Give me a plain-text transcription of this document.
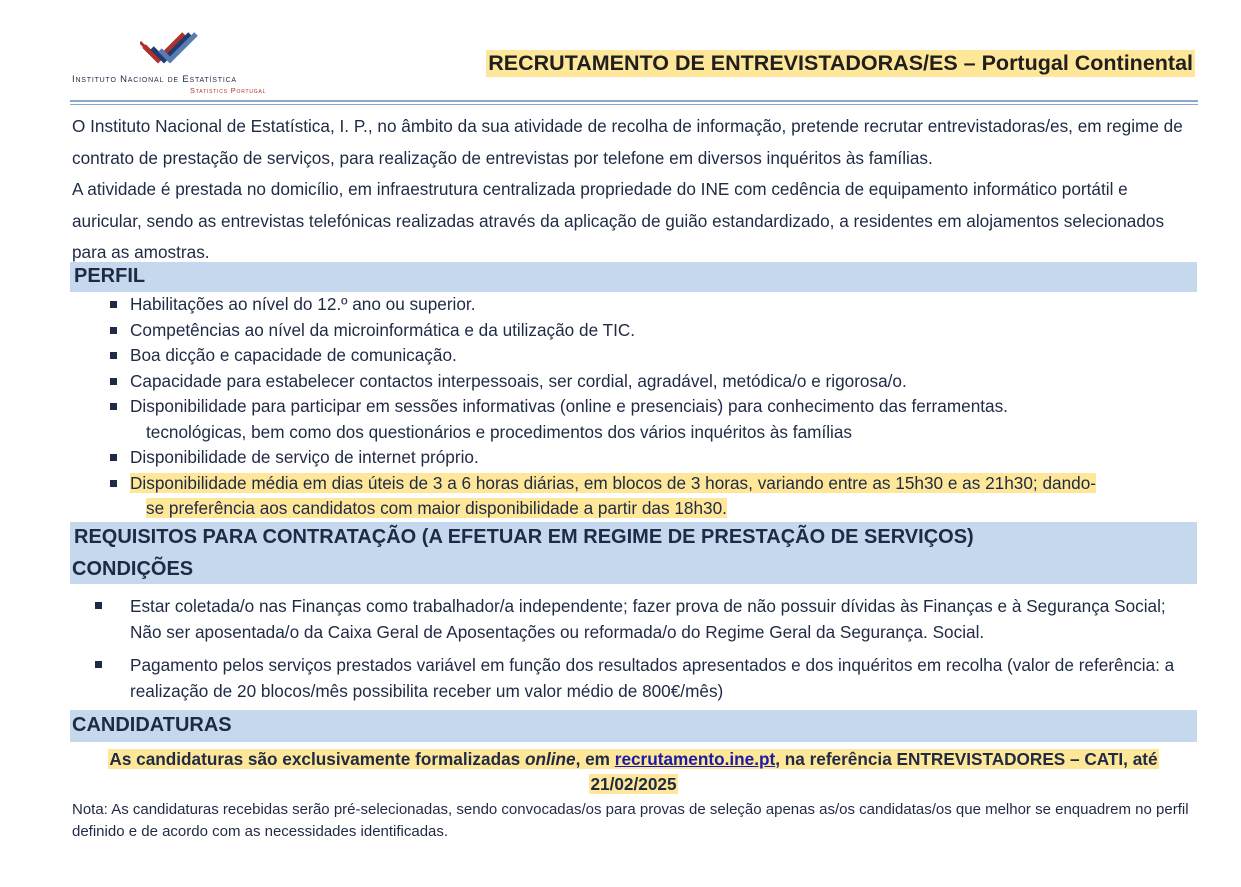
Instituto Nacional de Estatística
Statistics Portugal
RECRUTAMENTO DE ENTREVISTADORAS/ES – Portugal Continental

O Instituto Nacional de Estatística, I. P., no âmbito da sua atividade de recolha de informação, pretende recrutar entrevistadoras/es, em regime de contrato de prestação de serviços, para realização de entrevistas por telefone em diversos inquéritos às famílias.

A atividade é prestada no domicílio, em infraestrutura centralizada propriedade do INE com cedência de equipamento informático portátil e auricular, sendo as entrevistas telefónicas realizadas através da aplicação de guião estandardizado, a residentes em alojamentos selecionados para as amostras.

PERFIL
Habilitações ao nível do 12.º ano ou superior.
Competências ao nível da microinformática e da utilização de TIC.
Boa dicção e capacidade de comunicação.
Capacidade para estabelecer contactos interpessoais, ser cordial, agradável, metódica/o e rigorosa/o.
Disponibilidade para participar em sessões informativas (online e presenciais) para conhecimento das ferramentas.
tecnológicas, bem como dos questionários e procedimentos dos vários inquéritos às famílias
Disponibilidade de serviço de internet próprio.
Disponibilidade média em dias úteis de 3 a 6 horas diárias, em blocos de 3 horas, variando entre as 15h30 e as 21h30; dando-
se preferência aos candidatos com maior disponibilidade a partir das 18h30.
REQUISITOS PARA CONTRATAÇÃO (A EFETUAR EM REGIME DE PRESTAÇÃO DE SERVIÇOS)
CONDIÇÕES
Estar coletada/o nas Finanças como trabalhador/a independente; fazer prova de não possuir dívidas às Finanças e à Segurança Social; Não ser aposentada/o da Caixa Geral de Aposentações ou reformada/o do Regime Geral da Segurança. Social.
Pagamento pelos serviços prestados variável em função dos resultados apresentados e dos inquéritos em recolha (valor de referência: a realização de 20 blocos/mês possibilita receber um valor médio de 800€/mês)
CANDIDATURAS
As candidaturas são exclusivamente formalizadas online, em recrutamento.ine.pt, na referência ENTREVISTADORES – CATI, até
21/02/2025
Nota: As candidaturas recebidas serão pré-selecionadas, sendo convocadas/os para provas de seleção apenas as/os candidatas/os que melhor se enquadrem no perfil definido e de acordo com as necessidades identificadas.
